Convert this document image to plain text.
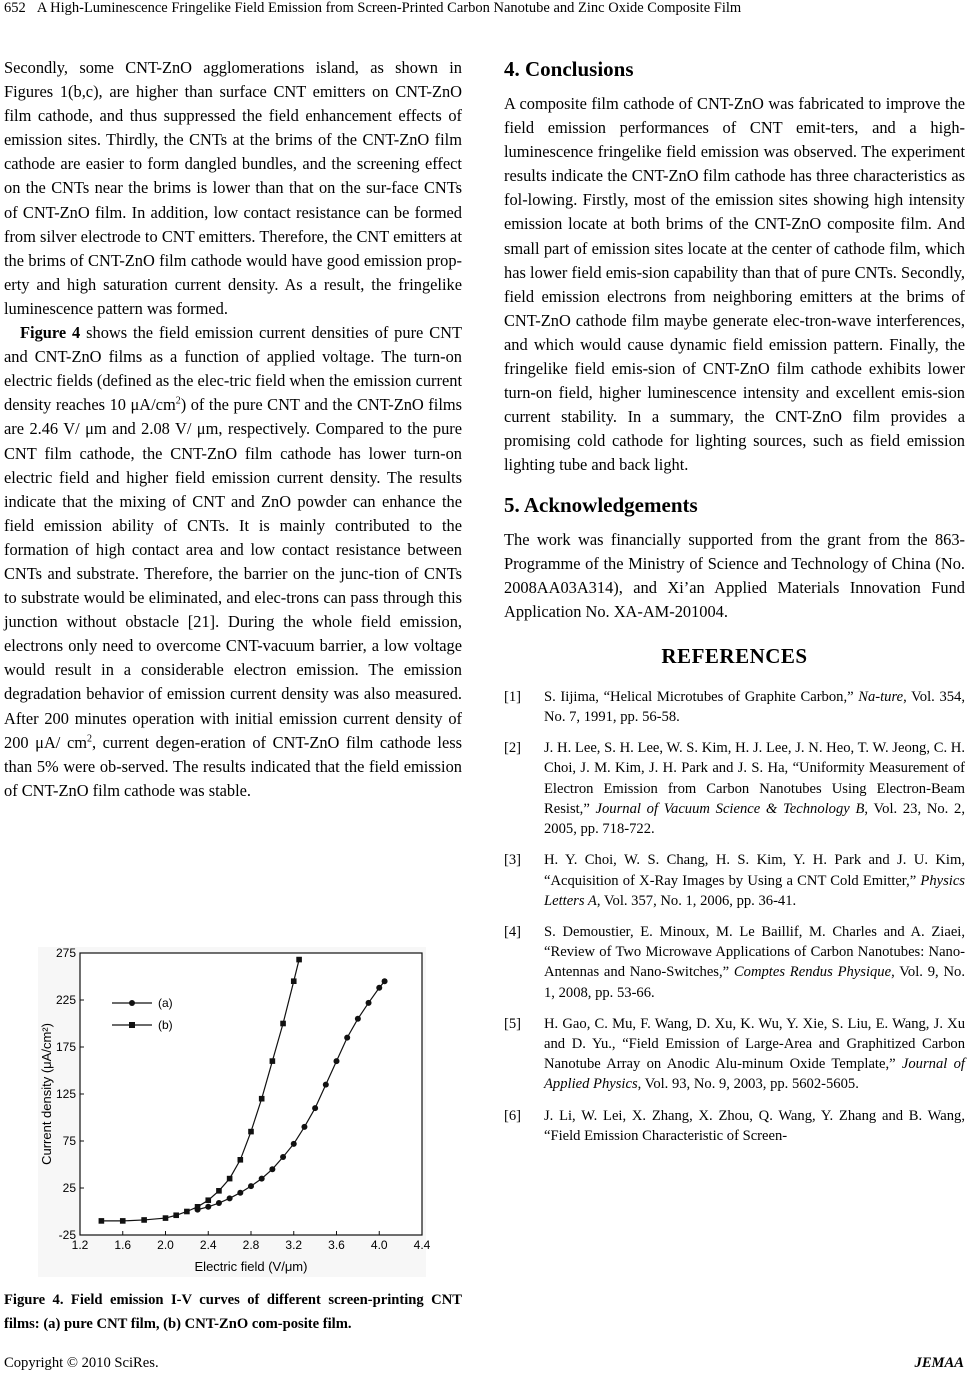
652 A High-Luminescence Fringelike Field Emission from Screen-Printed Carbon Nanotube and Zinc Oxide Composite Film

Secondly, some CNT-ZnO agglomerations island, as shown in Figures 1(b,c), are higher than surface CNT emitters on CNT-ZnO film cathode, and thus suppressed the field enhancement effects of emission sites. Thirdly, the CNTs at the brims of the CNT-ZnO film cathode are easier to form dangled bundles, and the screening effect on the CNTs near the brims is lower than that on the sur-face CNTs of CNT-ZnO film. In addition, low contact resistance can be formed from silver electrode to CNT emitters. Therefore, the CNT emitters at the brims of CNT-ZnO film cathode would have good emission prop-erty and high saturation current density. As a result, the fringelike luminescence pattern was formed.

Figure 4 shows the field emission current densities of pure CNT and CNT-ZnO films as a function of applied voltage. The turn-on electric fields (defined as the elec-tric field when the emission current density reaches 10 $\mu A/cm^2$) of the pure CNT and the CNT-ZnO films are 2.46 V/ μm and 2.08 V/ μm, respectively. Compared to the pure CNT film cathode, the CNT-ZnO film cathode has lower turn-on electric field and higher field emission current density. The results indicate that the mixing of CNT and ZnO powder can enhance the field emission ability of CNTs. It is mainly contributed to the formation of high contact area and low contact resistance between CNTs and substrate. Therefore, the barrier on the junc-tion of CNTs to substrate would be eliminated, and elec-trons can pass through this junction without obstacle [21]. During the whole field emission, electrons only need to overcome CNT-vacuum barrier, a low voltage would result in a considerable electron emission. The emission degradation behavior of emission current density was also measured. After 200 minutes operation with initial emission current density of 200 μA/ $cm^2$, current degen-eration of CNT-ZnO film cathode less than 5% were ob-served. The results indicated that the field emission of CNT-ZnO film cathode was stable.

1.2 1.6 2.0 2.4 2.8 3.2 3.6 4.0 4.4
-25
25
75
125
175
225
275
Electric field (V/μm)
Current density (μA/cm²)
(a)
(b)
Figure 4. Field emission I-V curves of different screen-printing CNT films: (a) pure CNT film, (b) CNT-ZnO com-posite film.
4. Conclusions

A composite film cathode of CNT-ZnO was fabricated to improve the field emission performances of CNT emit-ters, and a high-luminescence fringelike field emission was observed. The experiment results indicate the CNT-ZnO film cathode has three characteristics as fol-lowing. Firstly, most of the emission sites showing high intensity emission locate at both brims of the CNT-ZnO composite film. And small part of emission sites locate at the center of cathode film, which has lower field emis-sion capability than that of pure CNTs. Secondly, field emission electrons from neighboring emitters at the brims of CNT-ZnO cathode film maybe generate elec-tron-wave interferences, and which would cause dynamic field emission pattern. Finally, the fringelike field emis-sion of CNT-ZnO film cathode exhibits lower turn-on field, higher luminescence intensity and excellent emis-sion current stability. In a summary, the CNT-ZnO film provides a promising cold cathode for lighting sources, such as field emission lighting tube and back light.

5. Acknowledgements

The work was financially supported from the grant from the 863-Programme of the Ministry of Science and Technology of China (No. 2008AA03A314), and Xi’an Applied Materials Innovation Fund Application No. XA-AM-201004.

REFERENCES
[1]	S. Iijima, “Helical Microtubes of Graphite Carbon,” Na-ture, Vol. 354, No. 7, 1991, pp. 56-58.
[2]	J. H. Lee, S. H. Lee, W. S. Kim, H. J. Lee, J. N. Heo, T. W. Jeong, C. H. Choi, J. M. Kim, J. H. Park and J. S. Ha, “Uniformity Measurement of Electron Emission from Carbon Nanotubes Using Electron-Beam Resist,” Journal of Vacuum Science & Technology B, Vol. 23, No. 2, 2005, pp. 718-722.
[3]	H. Y. Choi, W. S. Chang, H. S. Kim, Y. H. Park and J. U. Kim, “Acquisition of X-Ray Images by Using a CNT Cold Emitter,” Physics Letters A, Vol. 357, No. 1, 2006, pp. 36-41.
[4]	S. Demoustier, E. Minoux, M. Le Baillif, M. Charles and A. Ziaei, “Review of Two Microwave Applications of Carbon Nanotubes: Nano-Antennas and Nano-Switches,” Comptes Rendus Physique, Vol. 9, No. 1, 2008, pp. 53-66.
[5]	H. Gao, C. Mu, F. Wang, D. Xu, K. Wu, Y. Xie, S. Liu, E. Wang, J. Xu and D. Yu., “Field Emission of Large-Area and Graphitized Carbon Nanotube Array on Anodic Alu-minum Oxide Template,” Journal of Applied Physics, Vol. 93, No. 9, 2003, pp. 5602-5605.
[6]	J. Li, W. Lei, X. Zhang, X. Zhou, Q. Wang, Y. Zhang and B. Wang, “Field Emission Characteristic of Screen-
Copyright © 2010 SciRes.	JEMAA
